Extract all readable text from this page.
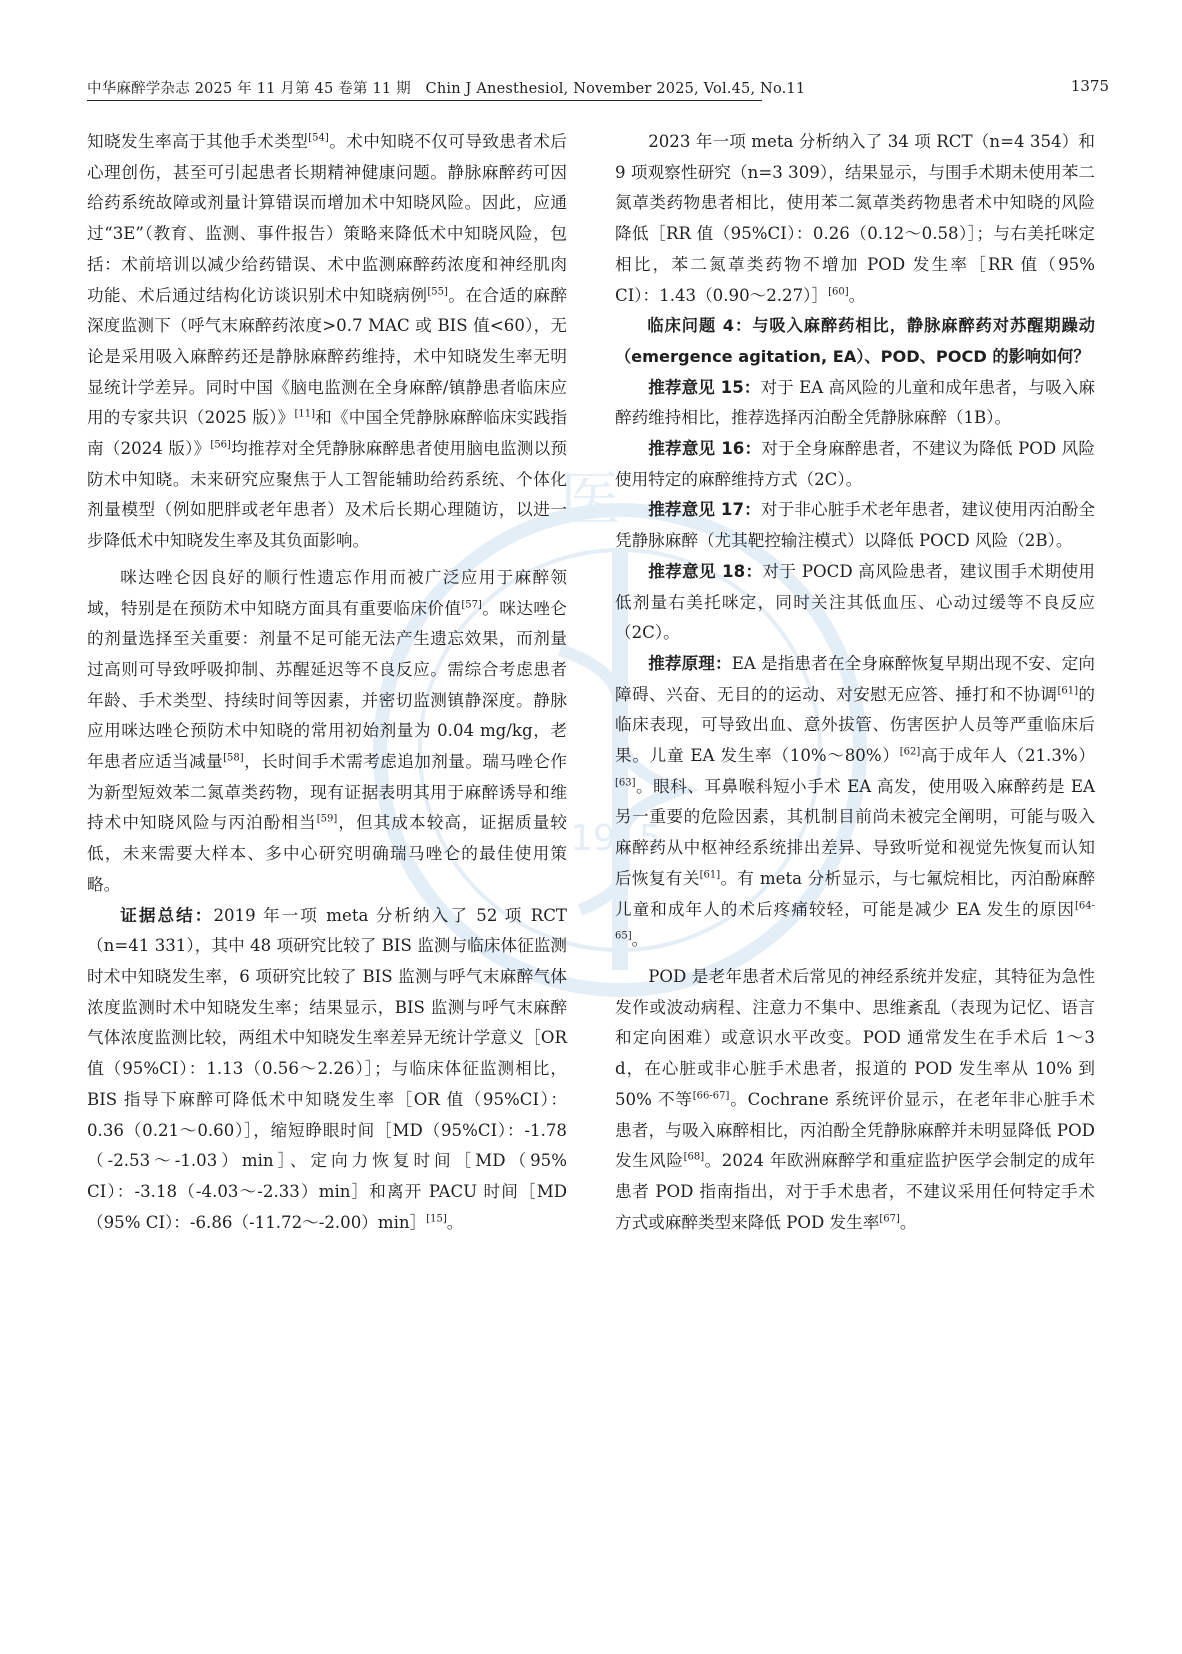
中华麻醉学杂志 2025 年 11 月第 45 卷第 11 期　Chin J Anesthesiol, November 2025, Vol.45, No.11	1375
医
1915

知晓发生率高于其他手术类型[54]。术中知晓不仅可导致患者术后心理创伤，甚至可引起患者长期精神健康问题。静脉麻醉药可因给药系统故障或剂量计算错误而增加术中知晓风险。因此，应通过“3E”（教育、监测、事件报告）策略来降低术中知晓风险，包括：术前培训以减少给药错误、术中监测麻醉药浓度和神经肌肉功能、术后通过结构化访谈识别术中知晓病例[55]。在合适的麻醉深度监测下（呼气末麻醉药浓度>0.7 MAC 或 BIS 值<60），无论是采用吸入麻醉药还是静脉麻醉药维持，术中知晓发生率无明显统计学差异。同时中国《脑电监测在全身麻醉/镇静患者临床应用的专家共识（2025 版）》[11]和《中国全凭静脉麻醉临床实践指南（2024 版）》[56]均推荐对全凭静脉麻醉患者使用脑电监测以预防术中知晓。未来研究应聚焦于人工智能辅助给药系统、个体化剂量模型（例如肥胖或老年患者）及术后长期心理随访，以进一步降低术中知晓发生率及其负面影响。

咪达唑仑因良好的顺行性遗忘作用而被广泛应用于麻醉领域，特别是在预防术中知晓方面具有重要临床价值[57]。咪达唑仑的剂量选择至关重要：剂量不足可能无法产生遗忘效果，而剂量过高则可导致呼吸抑制、苏醒延迟等不良反应。需综合考虑患者年龄、手术类型、持续时间等因素，并密切监测镇静深度。静脉应用咪达唑仑预防术中知晓的常用初始剂量为 0.04 mg/kg，老年患者应适当减量[58]，长时间手术需考虑追加剂量。瑞马唑仑作为新型短效苯二氮䓬类药物，现有证据表明其用于麻醉诱导和维持术中知晓风险与丙泊酚相当[59]，但其成本较高，证据质量较低，未来需要大样本、多中心研究明确瑞马唑仑的最佳使用策略。

证据总结：2019 年一项 meta 分析纳入了 52 项 RCT（n=41 331），其中 48 项研究比较了 BIS 监测与临床体征监测时术中知晓发生率，6 项研究比较了 BIS 监测与呼气末麻醉气体浓度监测时术中知晓发生率；结果显示，BIS 监测与呼气末麻醉气体浓度监测比较，两组术中知晓发生率差异无统计学意义［OR 值（95%CI）：1.13（0.56～2.26）］；与临床体征监测相比，BIS 指导下麻醉可降低术中知晓发生率［OR 值（95%CI）：0.36（0.21～0.60）］，缩短睁眼时间［MD（95%CI）：-1.78（-2.53～-1.03）min］、定向力恢复时间［MD（95% CI）：-3.18（-4.03～-2.33）min］和离开 PACU 时间［MD（95% CI）：-6.86（-11.72～-2.00）min］[15]。

2023 年一项 meta 分析纳入了 34 项 RCT（n=4 354）和 9 项观察性研究（n=3 309），结果显示，与围手术期未使用苯二氮䓬类药物患者相比，使用苯二氮䓬类药物患者术中知晓的风险降低［RR 值（95%CI）：0.26（0.12～0.58）］；与右美托咪定相比，苯二氮䓬类药物不增加 POD 发生率［RR 值（95% CI）：1.43（0.90～2.27）］[60]。

临床问题 4：与吸入麻醉药相比，静脉麻醉药对苏醒期躁动（emergence agitation, EA）、POD、POCD 的影响如何？

推荐意见 15：对于 EA 高风险的儿童和成年患者，与吸入麻醉药维持相比，推荐选择丙泊酚全凭静脉麻醉（1B）。

推荐意见 16：对于全身麻醉患者，不建议为降低 POD 风险使用特定的麻醉维持方式（2C）。

推荐意见 17：对于非心脏手术老年患者，建议使用丙泊酚全凭静脉麻醉（尤其靶控输注模式）以降低 POCD 风险（2B）。

推荐意见 18：对于 POCD 高风险患者，建议围手术期使用低剂量右美托咪定，同时关注其低血压、心动过缓等不良反应（2C）。

推荐原理：EA 是指患者在全身麻醉恢复早期出现不安、定向障碍、兴奋、无目的的运动、对安慰无应答、捶打和不协调[61]的临床表现，可导致出血、意外拔管、伤害医护人员等严重临床后果。儿童 EA 发生率（10%～80%）[62]高于成年人（21.3%）[63]。眼科、耳鼻喉科短小手术 EA 高发，使用吸入麻醉药是 EA 另一重要的危险因素，其机制目前尚未被完全阐明，可能与吸入麻醉药从中枢神经系统排出差异、导致听觉和视觉先恢复而认知后恢复有关[61]。有 meta 分析显示，与七氟烷相比，丙泊酚麻醉儿童和成年人的术后疼痛较轻，可能是减少 EA 发生的原因[64-65]。

POD 是老年患者术后常见的神经系统并发症，其特征为急性发作或波动病程、注意力不集中、思维紊乱（表现为记忆、语言和定向困难）或意识水平改变。POD 通常发生在手术后 1～3 d，在心脏或非心脏手术患者，报道的 POD 发生率从 10% 到 50% 不等[66-67]。Cochrane 系统评价显示，在老年非心脏手术患者，与吸入麻醉相比，丙泊酚全凭静脉麻醉并未明显降低 POD 发生风险[68]。2024 年欧洲麻醉学和重症监护医学会制定的成年患者 POD 指南指出，对于手术患者，不建议采用任何特定手术方式或麻醉类型来降低 POD 发生率[67]。
